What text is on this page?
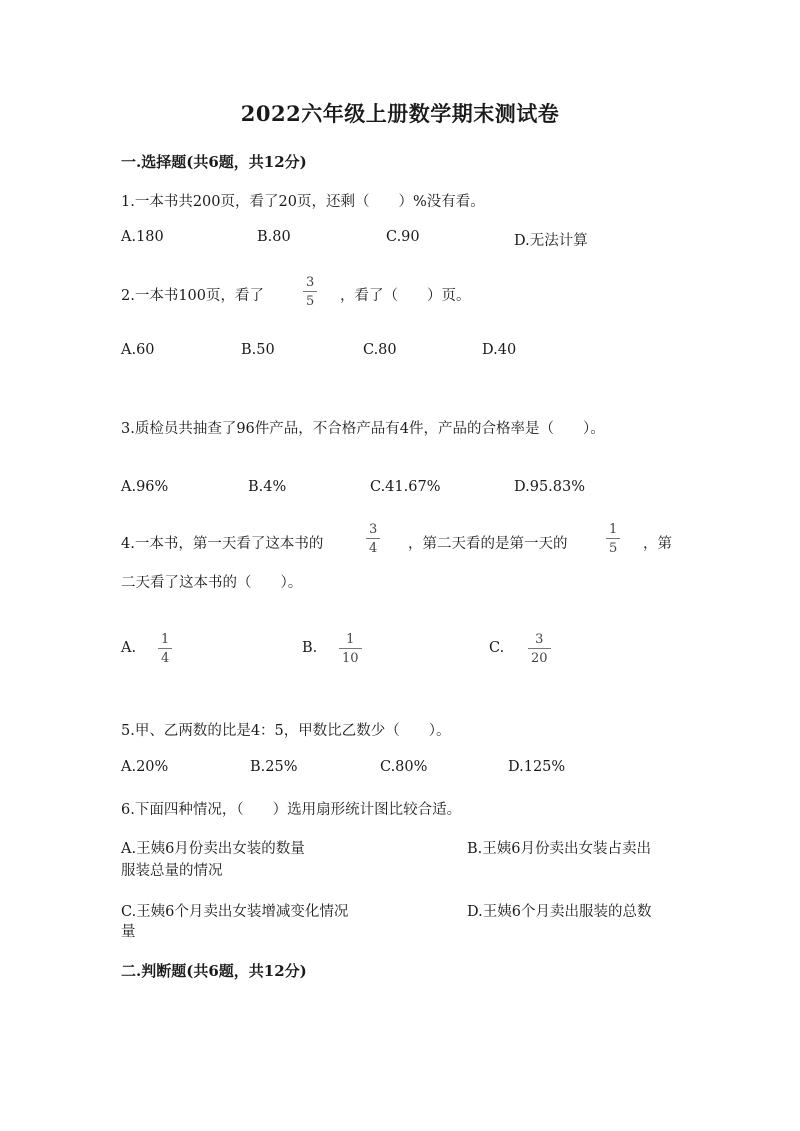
2022六年级上册数学期末测试卷
一.选择题(共6题，共12分)
1.一本书共200页，看了20页，还剩（　　）%没有看。
A.180	B.80	C.90	D.无法计算
2.一本书100页，看了
3
5 ，看了（　　）页。
A.60	B.50	C.80	D.40
3.质检员共抽查了96件产品，不合格产品有4件，产品的合格率是（　　）。
A.96%	B.4%	C.41.67%	D.95.83%
4.一本书，第一天看了这本书的
3
4 ，第二天看的是第一天的
1
5 ，第
二天看了这本书的（　　）。
A.
1
4
B.
1
10
C.
3
20
5.甲、乙两数的比是4：5，甲数比乙数少（　　）。
A.20%	B.25%	C.80%	D.125%
6.下面四种情况，（　　）选用扇形统计图比较合适。
A.王姨6月份卖出女装的数量
服装总量的情况
B.王姨6月份卖出女装占卖出
C.王姨6个月卖出女装增减变化情况	D.王姨6个月卖出服装的总数
量
二.判断题(共6题，共12分)
